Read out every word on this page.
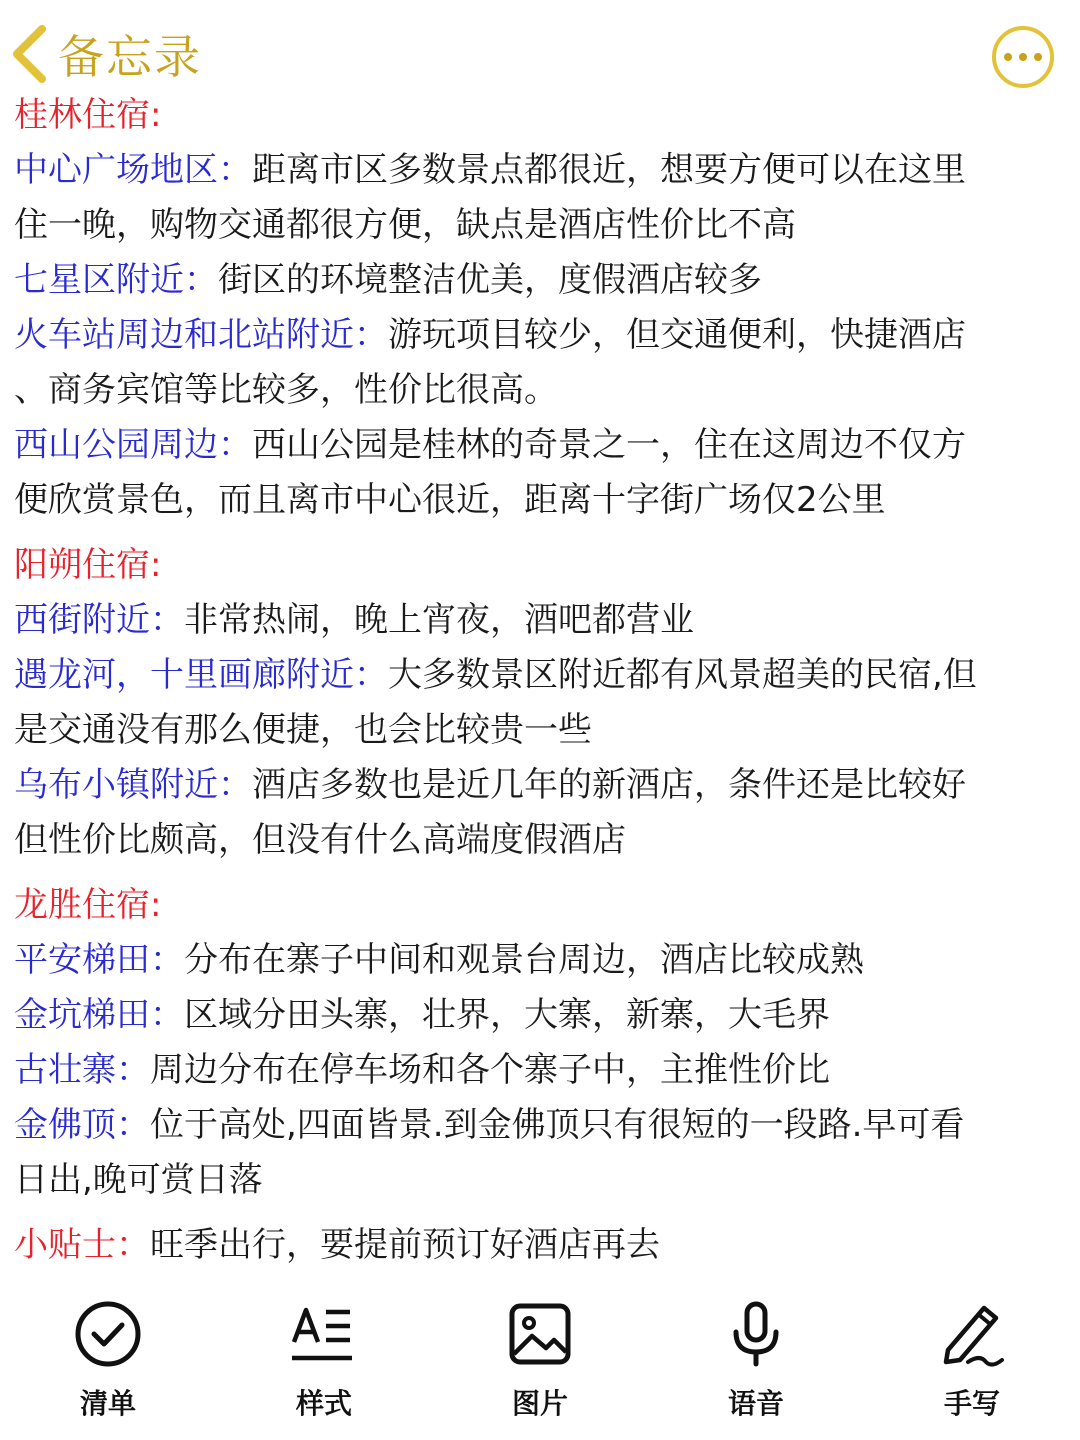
备忘录
桂林住宿:
中心广场地区：距离市区多数景点都很近，想要方便可以在这里
住一晚，购物交通都很方便，缺点是酒店性价比不高
七星区附近：街区的环境整洁优美，度假酒店较多
火车站周边和北站附近：游玩项目较少，但交通便利，快捷酒店
、商务宾馆等比较多，性价比很高。
西山公园周边：西山公园是桂林的奇景之一，住在这周边不仅方
便欣赏景色，而且离市中心很近，距离十字街广场仅2公里
阳朔住宿:
西街附近：非常热闹，晚上宵夜，酒吧都营业
遇龙河，十里画廊附近：大多数景区附近都有风景超美的民宿,但
是交通没有那么便捷，也会比较贵一些
乌布小镇附近：酒店多数也是近几年的新酒店，条件还是比较好
但性价比颇高，但没有什么高端度假酒店
龙胜住宿:
平安梯田：分布在寨子中间和观景台周边，酒店比较成熟
金坑梯田：区域分田头寨，壮界，大寨，新寨，大毛界
古壮寨：周边分布在停车场和各个寨子中，主推性价比
金佛顶：位于高处,四面皆景.到金佛顶只有很短的一段路.早可看
日出,晚可赏日落
小贴士：旺季出行，要提前预订好酒店再去
清单	样式	图片	语音	手写
